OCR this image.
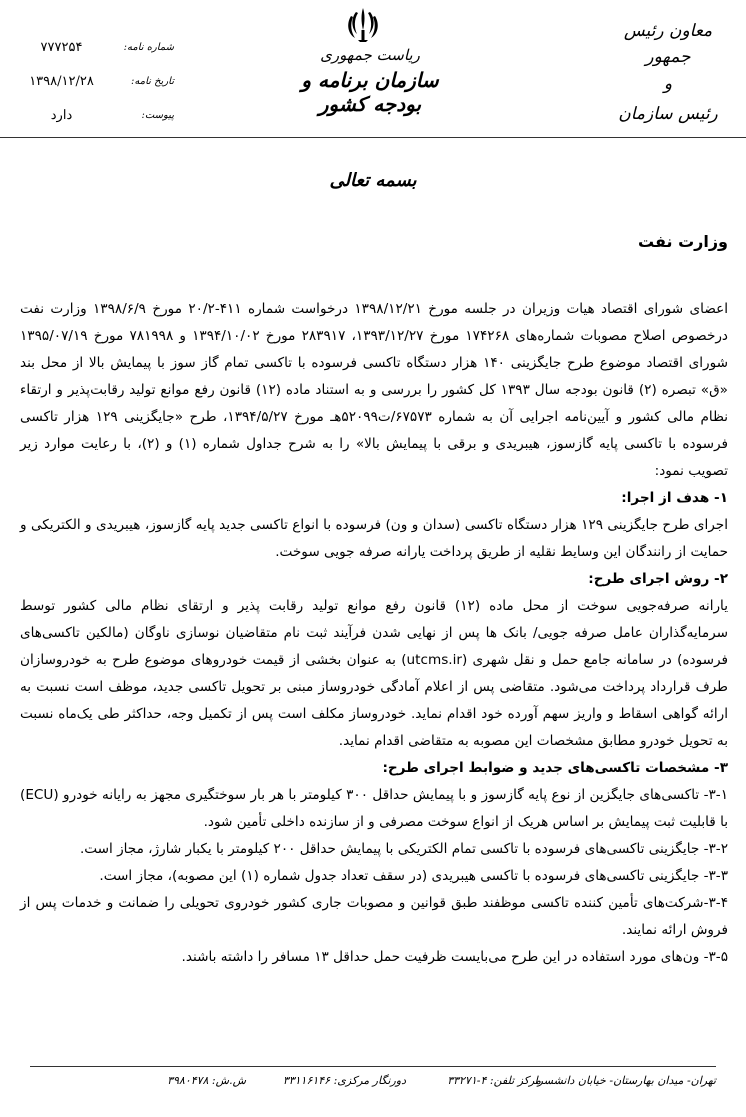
معاون رئیس جمهور
و
رئیس سازمان
ریاست جمهوری
سازمان برنامه و بودجه کشور
شماره نامه:
۷۷۷۲۵۴
تاریخ نامه:
۱۳۹۸/۱۲/۲۸
پیوست:
دارد
بسمه تعالی
وزارت نفت

اعضای شورای اقتصاد هیات وزیران در جلسه مورخ ۱۳۹۸/۱۲/۲۱ درخواست شماره ۴۱۱-۲۰/۲ مورخ ۱۳۹۸/۶/۹ وزارت نفت درخصوص اصلاح مصوبات شماره‌های ۱۷۴۲۶۸ مورخ ۱۳۹۳/۱۲/۲۷، ۲۸۳۹۱۷ مورخ ۱۳۹۴/۱۰/۰۲ و ۷۸۱۹۹۸ مورخ ۱۳۹۵/۰۷/۱۹ شورای اقتصاد موضوع طرح جایگزینی ۱۴۰ هزار دستگاه تاکسی فرسوده با تاکسی تمام گاز سوز با پیمایش بالا از محل بند «ق» تبصره (۲) قانون بودجه سال ۱۳۹۳ کل کشور را بررسی و به استناد ماده (۱۲) قانون رفع موانع تولید رقابت‌پذیر و ارتقاء نظام مالی کشور و آیین‌نامه اجرایی آن به شماره ۶۷۵۷۳/ت۵۲۰۹۹هـ مورخ ۱۳۹۴/۵/۲۷، طرح «جایگزینی ۱۲۹ هزار تاکسی فرسوده با تاکسی پایه گازسوز، هیبریدی و برقی با پیمایش بالا» را به شرح جداول شماره (۱) و (۲)، با رعایت موارد زیر تصویب نمود:

۱- هدف از اجرا:

اجرای طرح جایگزینی ۱۲۹ هزار دستگاه تاکسی (سدان و ون) فرسوده با انواع تاکسی جدید پایه گازسوز، هیبریدی و الکتریکی و حمایت از رانندگان این وسایط نقلیه از طریق پرداخت یارانه صرفه جویی سوخت.

۲- روش اجرای طرح:

یارانه صرفه‌جویی سوخت از محل ماده (۱۲) قانون رفع موانع تولید رقابت پذیر و ارتقای نظام مالی کشور توسط سرمایه‌گذاران عامل صرفه جویی/ بانک ها پس از نهایی شدن فرآیند ثبت نام متقاضیان نوسازی ناوگان (مالکین تاکسی‌های فرسوده) در سامانه جامع حمل و نقل شهری (utcms.ir) به عنوان بخشی از قیمت خودروهای موضوع طرح به خودروسازان طرف قرارداد پرداخت می‌شود. متقاضی پس از اعلام آمادگی خودروساز مبنی بر تحویل تاکسی جدید، موظف است نسبت به ارائه گواهی اسقاط و واریز سهم آورده خود اقدام نماید. خودروساز مکلف است پس از تکمیل وجه، حداکثر طی یک‌ماه نسبت به تحویل خودرو مطابق مشخصات این مصوبه به متقاضی اقدام نماید.

۳- مشخصات تاکسی‌های جدید و ضوابط اجرای طرح:

۳-۱- تاکسی‌های جایگزین از نوع پایه گازسوز و با پیمایش حداقل ۳۰۰ کیلومتر با هر بار سوختگیری مجهز به رایانه خودرو (ECU) با قابلیت ثبت پیمایش بر اساس هریک از انواع سوخت مصرفی و از سازنده داخلی تأمین شود.

۳-۲- جایگزینی تاکسی‌های فرسوده با تاکسی تمام الکتریکی با پیمایش حداقل ۲۰۰ کیلومتر با یکبار شارژ، مجاز است.

۳-۳- جایگزینی تاکسی‌های فرسوده با تاکسی هیبریدی (در سقف تعداد جدول شماره (۱) این مصوبه)، مجاز است.

۳-۴-شرکت‌های تأمین کننده تاکسی موظفند طبق قوانین و مصوبات جاری کشور خودروی تحویلی را ضمانت و خدمات پس از فروش ارائه نمایند.

۳-۵- ون‌های مورد استفاده در این طرح می‌بایست ظرفیت حمل حداقل ۱۳ مسافر را داشته باشند.

تهران- میدان بهارستان- خیابان دانشسرا
مرکز تلفن: ۴-۳۳۲۷۱
دورنگار مرکزی: ۳۳۱۱۶۱۴۶
ش.ش: ۳۹۸۰۴۷۸
